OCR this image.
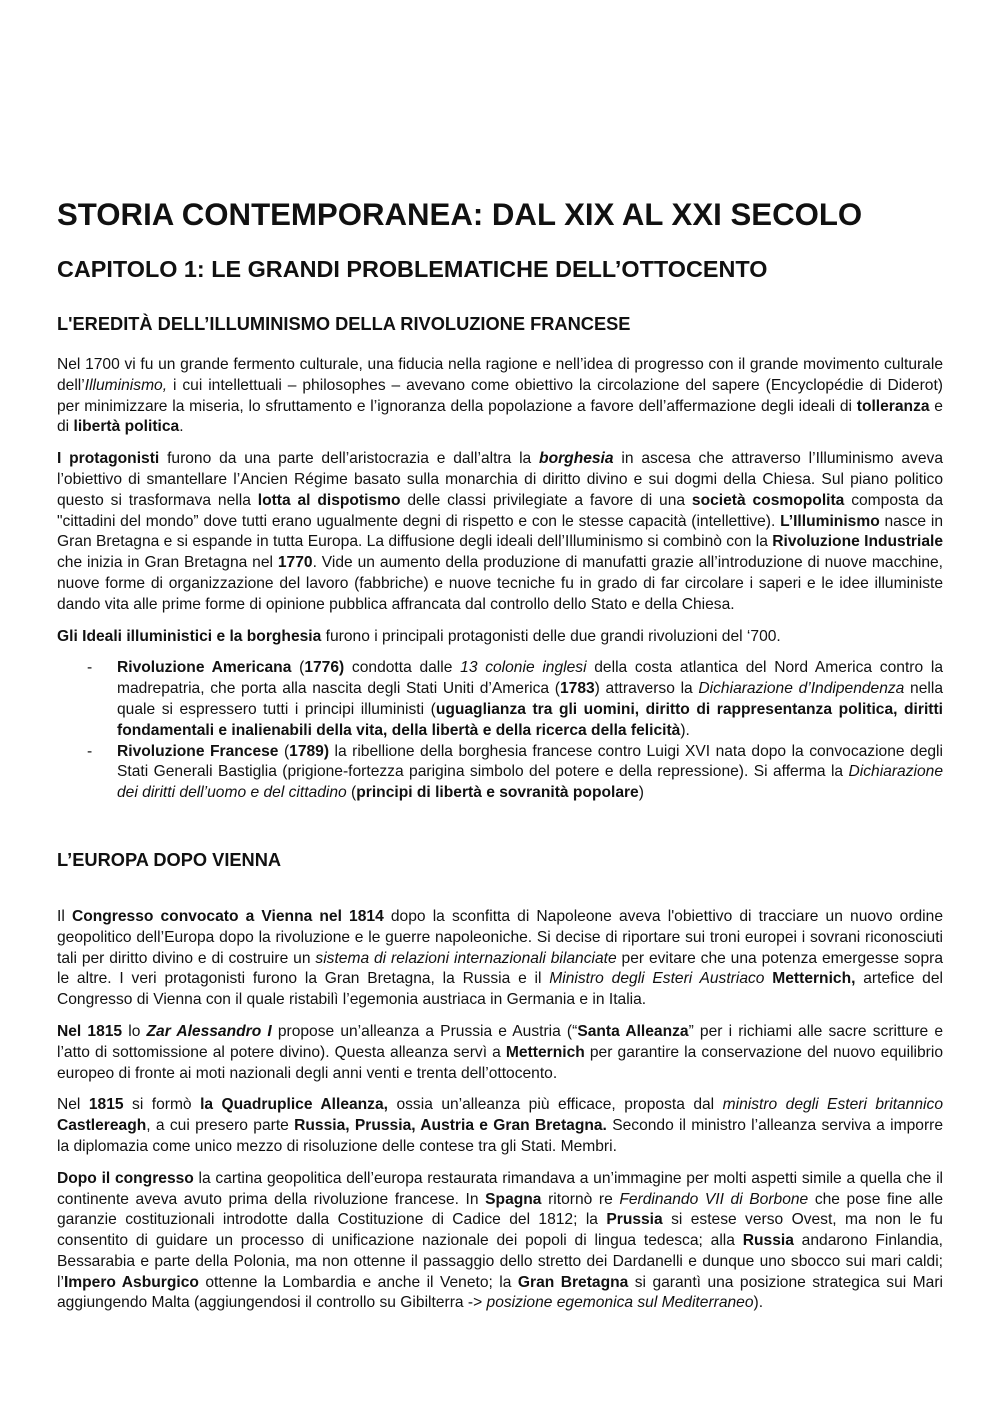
STORIA CONTEMPORANEA: DAL XIX AL XXI SECOLO
CAPITOLO 1: LE GRANDI PROBLEMATICHE DELL’OTTOCENTO
L'EREDITÀ DELL’ILLUMINISMO DELLA RIVOLUZIONE FRANCESE

Nel 1700 vi fu un grande fermento culturale, una fiducia nella ragione e nell’idea di progresso con il grande movimento culturale dell’Illuminismo, i cui intellettuali – philosophes – avevano come obiettivo la circolazione del sapere (Encyclopédie di Diderot) per minimizzare la miseria, lo sfruttamento e l’ignoranza della popolazione a favore dell’affermazione degli ideali di tolleranza e di libertà politica.

I protagonisti furono da una parte dell’aristocrazia e dall’altra la borghesia in ascesa che attraverso l’Illuminismo aveva l’obiettivo di smantellare l’Ancien Régime basato sulla monarchia di diritto divino e sui dogmi della Chiesa. Sul piano politico questo si trasformava nella lotta al dispotismo delle classi privilegiate a favore di una società cosmopolita composta da "cittadini del mondo” dove tutti erano ugualmente degni di rispetto e con le stesse capacità (intellettive). L’Illuminismo nasce in Gran Bretagna e si espande in tutta Europa. La diffusione degli ideali dell’Illuminismo si combinò con la Rivoluzione Industriale che inizia in Gran Bretagna nel 1770. Vide un aumento della produzione di manufatti grazie all’introduzione di nuove macchine, nuove forme di organizzazione del lavoro (fabbriche) e nuove tecniche fu in grado di far circolare i saperi e le idee illuministe dando vita alle prime forme di opinione pubblica affrancata dal controllo dello Stato e della Chiesa.

Gli Ideali illuministici e la borghesia furono i principali protagonisti delle due grandi rivoluzioni del ‘700.

- Rivoluzione Americana (1776) condotta dalle 13 colonie inglesi della costa atlantica del Nord America contro la madrepatria, che porta alla nascita degli Stati Uniti d’America (1783) attraverso la Dichiarazione d’Indipendenza nella quale si espressero tutti i principi illuministi (uguaglianza tra gli uomini, diritto di rappresentanza politica, diritti fondamentali e inalienabili della vita, della libertà e della ricerca della felicità).
- Rivoluzione Francese (1789) la ribellione della borghesia francese contro Luigi XVI nata dopo la convocazione degli Stati Generali Bastiglia (prigione-fortezza parigina simbolo del potere e della repressione). Si afferma la Dichiarazione dei diritti dell’uomo e del cittadino (principi di libertà e sovranità popolare)
L’EUROPA DOPO VIENNA

Il Congresso convocato a Vienna nel 1814 dopo la sconfitta di Napoleone aveva l'obiettivo di tracciare un nuovo ordine geopolitico dell’Europa dopo la rivoluzione e le guerre napoleoniche. Si decise di riportare sui troni europei i sovrani riconosciuti tali per diritto divino e di costruire un sistema di relazioni internazionali bilanciate per evitare che una potenza emergesse sopra le altre. I veri protagonisti furono la Gran Bretagna, la Russia e il Ministro degli Esteri Austriaco Metternich, artefice del Congresso di Vienna con il quale ristabilì l’egemonia austriaca in Germania e in Italia.

Nel 1815 lo Zar Alessandro I propose un’alleanza a Prussia e Austria (“Santa Alleanza” per i richiami alle sacre scritture e l’atto di sottomissione al potere divino). Questa alleanza servì a Metternich per garantire la conservazione del nuovo equilibrio europeo di fronte ai moti nazionali degli anni venti e trenta dell’ottocento.

Nel 1815 si formò la Quadruplice Alleanza, ossia un’alleanza più efficace, proposta dal ministro degli Esteri britannico Castlereagh, a cui presero parte Russia, Prussia, Austria e Gran Bretagna. Secondo il ministro l’alleanza serviva a imporre la diplomazia come unico mezzo di risoluzione delle contese tra gli Stati. Membri.

Dopo il congresso la cartina geopolitica dell’europa restaurata rimandava a un’immagine per molti aspetti simile a quella che il continente aveva avuto prima della rivoluzione francese. In Spagna ritornò re Ferdinando VII di Borbone che pose fine alle garanzie costituzionali introdotte dalla Costituzione di Cadice del 1812; la Prussia si estese verso Ovest, ma non le fu consentito di guidare un processo di unificazione nazionale dei popoli di lingua tedesca; alla Russia andarono Finlandia, Bessarabia e parte della Polonia, ma non ottenne il passaggio dello stretto dei Dardanelli e dunque uno sbocco sui mari caldi; l’Impero Asburgico ottenne la Lombardia e anche il Veneto; la Gran Bretagna si garantì una posizione strategica sui Mari aggiungendo Malta (aggiungendosi il controllo su Gibilterra -> posizione egemonica sul Mediterraneo).
